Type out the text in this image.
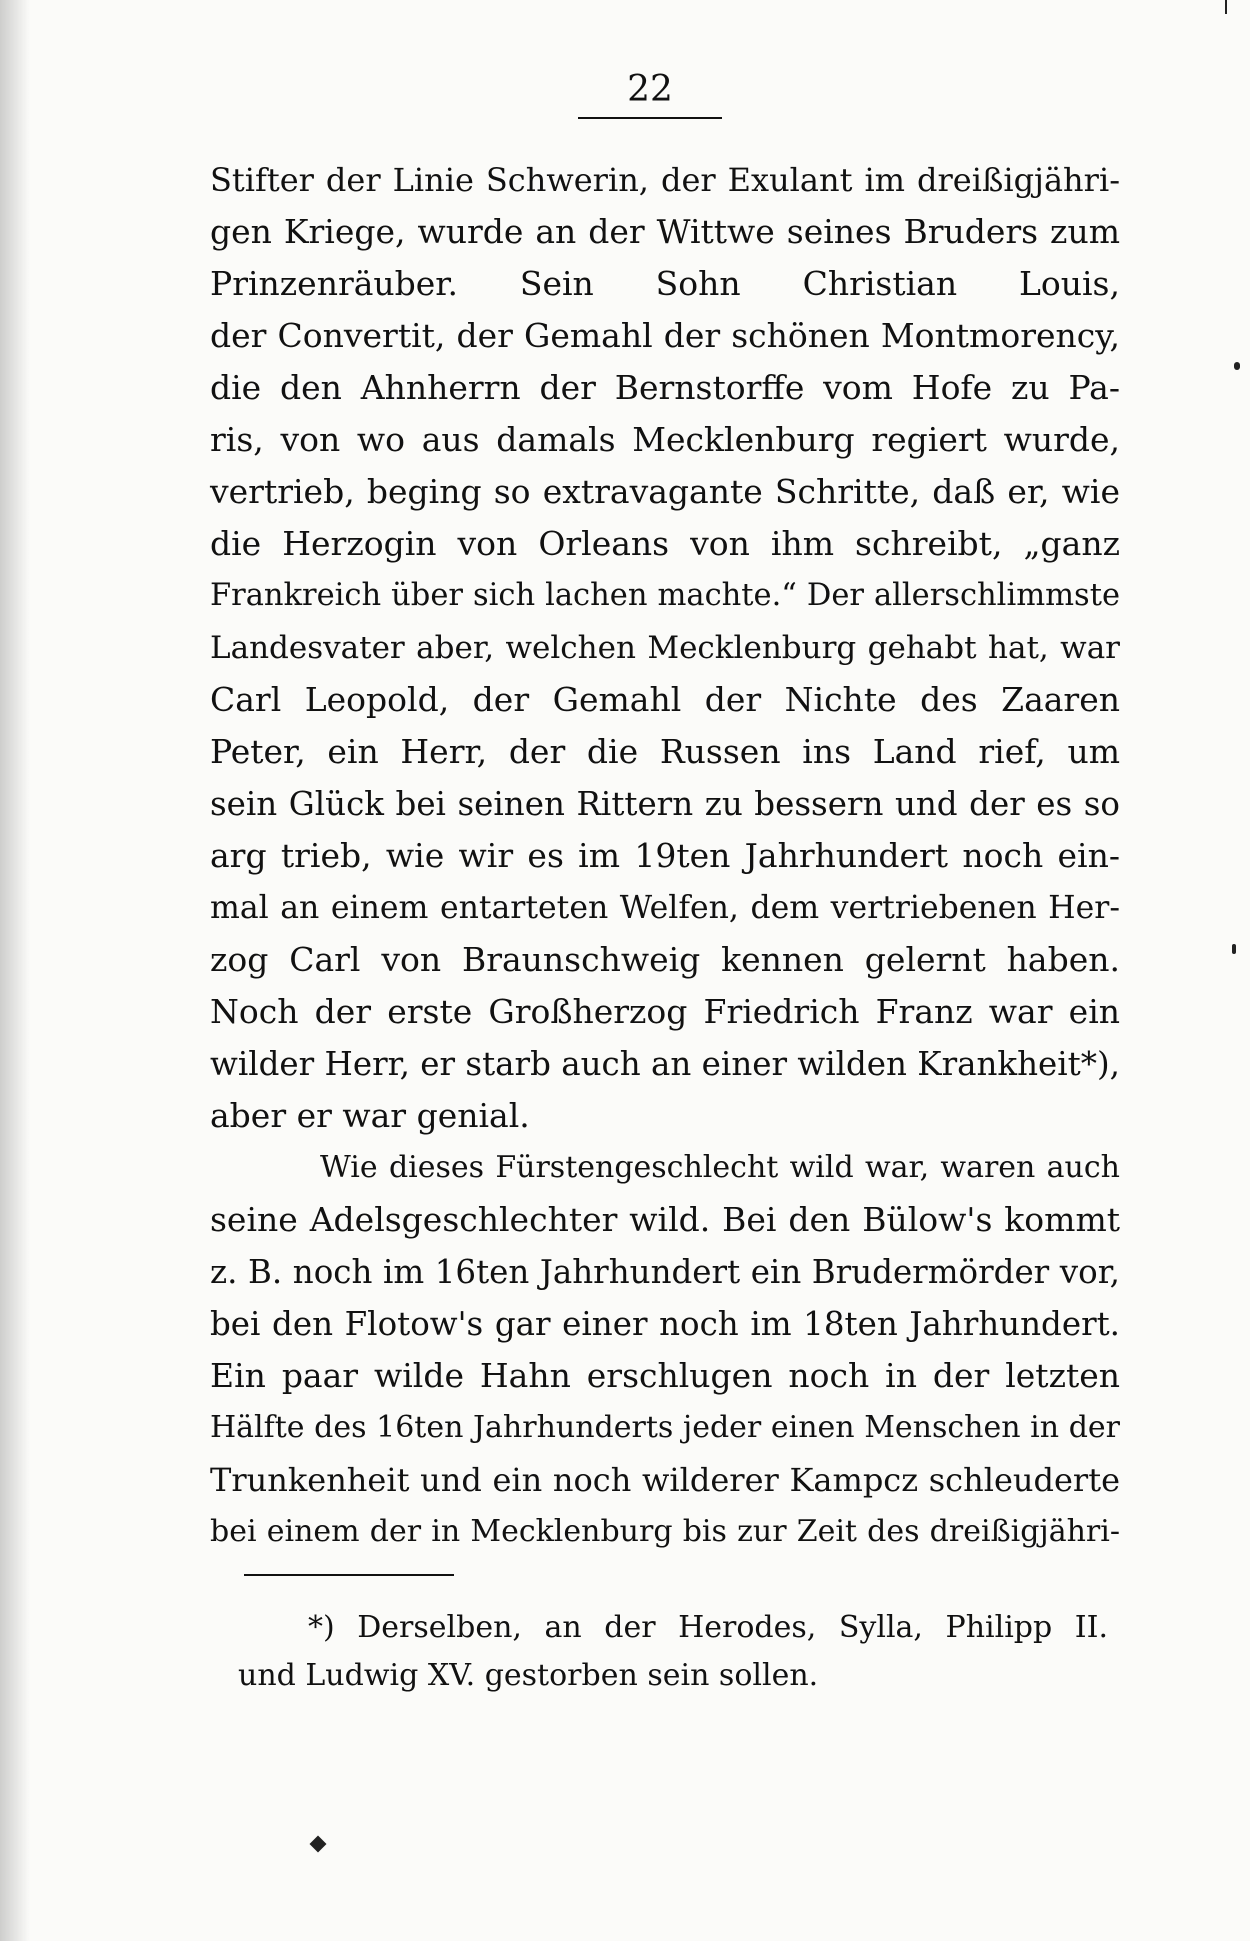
22
Stifter der Linie Schwerin, der Exulant im dreißigjähri-
gen Kriege, wurde an der Wittwe seines Bruders zum
Prinzenräuber. Sein Sohn Christian Louis,
der Convertit, der Gemahl der schönen Montmorency,
die den Ahnherrn der Bernstorffe vom Hofe zu Pa-
ris, von wo aus damals Mecklenburg regiert wurde,
vertrieb, beging so extravagante Schritte, daß er, wie
die Herzogin von Orleans von ihm schreibt, „ganz
Frankreich über sich lachen machte.“ Der allerschlimmste
Landesvater aber, welchen Mecklenburg gehabt hat, war
Carl Leopold, der Gemahl der Nichte des Zaaren
Peter, ein Herr, der die Russen ins Land rief, um
sein Glück bei seinen Rittern zu bessern und der es so
arg trieb, wie wir es im 19ten Jahrhundert noch ein-
mal an einem entarteten Welfen, dem vertriebenen Her-
zog Carl von Braunschweig kennen gelernt haben.
Noch der erste Großherzog Friedrich Franz war ein
wilder Herr, er starb auch an einer wilden Krankheit*),
aber er war genial.
Wie dieses Fürstengeschlecht wild war, waren auch
seine Adelsgeschlechter wild. Bei den Bülow's kommt
z. B. noch im 16ten Jahrhundert ein Brudermörder vor,
bei den Flotow's gar einer noch im 18ten Jahrhundert.
Ein paar wilde Hahn erschlugen noch in der letzten
Hälfte des 16ten Jahrhunderts jeder einen Menschen in der
Trunkenheit und ein noch wilderer Kampcz schleuderte
bei einem der in Mecklenburg bis zur Zeit des dreißigjähri-
*) Derselben, an der Herodes, Sylla, Philipp II.
und Ludwig XV. gestorben sein sollen.
